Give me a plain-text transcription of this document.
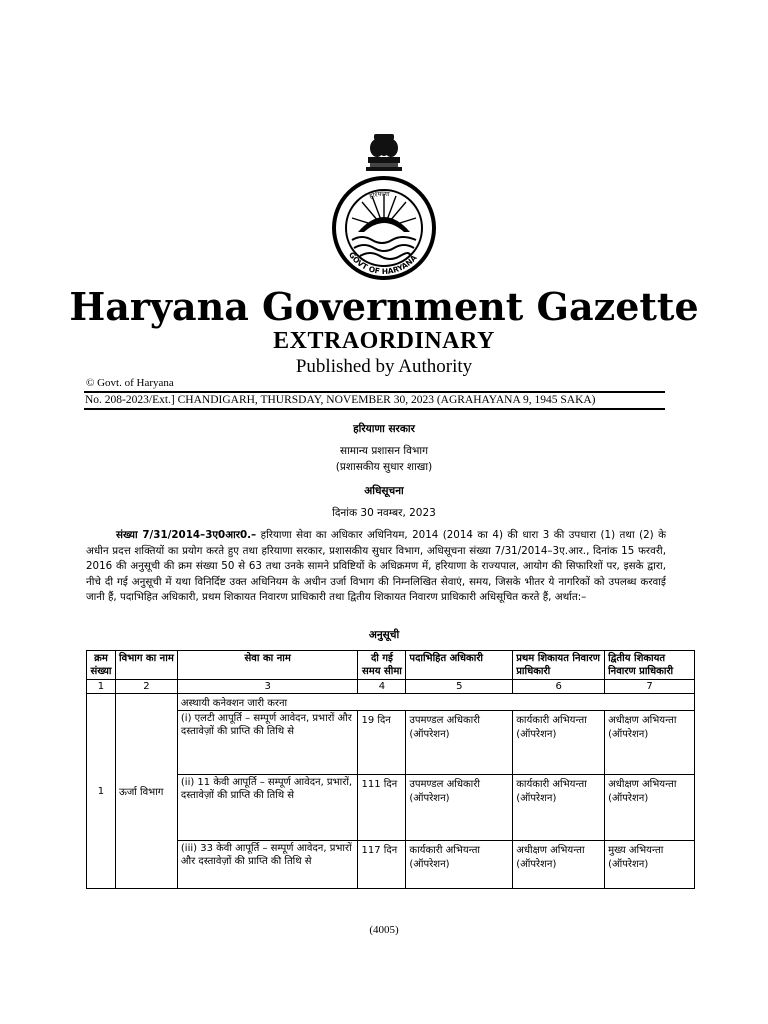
GOVT OF HARYANA
हरियाणा
Haryana Government Gazette
EXTRAORDINARY
Published by Authority
© Govt. of Haryana
No. 208-2023/Ext.] CHANDIGARH, THURSDAY, NOVEMBER 30, 2023 (AGRAHAYANA 9, 1945 SAKA)
हरियाणा सरकार
सामान्य प्रशासन विभाग
(प्रशासकीय सुधार शाखा)
अधिसूचना
दिनांक 30 नवम्बर, 2023
संख्या 7/31/2014–3ए0आर0.– हरियाणा सेवा का अधिकार अधिनियम, 2014 (2014 का 4) की धारा 3 की उपधारा (1) तथा (2) के अधीन प्रदत्त शक्तियों का प्रयोग करते हुए तथा हरियाणा सरकार, प्रशासकीय सुधार विभाग, अधिसूचना संख्या 7/31/2014–3ए.आर., दिनांक 15 फरवरी, 2016 की अनुसूची की क्रम संख्या 50 से 63 तथा उनके सामने प्रविष्टियों के अधिक्रमण में, हरियाणा के राज्यपाल, आयोग की सिफारिशों पर, इसके द्वारा, नीचे दी गई अनुसूची में यथा विनिर्दिष्ट उक्त अधिनियम के अधीन उर्जा विभाग की निम्नलिखित सेवाएं, समय, जिसके भीतर ये नागरिकों को उपलब्ध करवाई जानी हैं, पदाभिहित अधिकारी, प्रथम शिकायत निवारण प्राधिकारी तथा द्वितीय शिकायत निवारण प्राधिकारी अधिसूचित करते हैं, अर्थात:–
अनुसूची
क्रम संख्या	विभाग का नाम	सेवा का नाम	दी गई समय सीमा	पदाभिहित अधिकारी	प्रथम शिकायत निवारण प्राधिकारी	द्वितीय शिकायत निवारण प्राधिकारी
1	2	3	4	5	6	7
1	ऊर्जा विभाग	अस्थायी कनेक्शन जारी करना				
		(i) एलटी आपूर्ति – सम्पूर्ण आवेदन, प्रभारों और दस्तावेज़ों की प्राप्ति की तिथि से	19 दिन	उपमण्डल अधिकारी (ऑपरेशन)	कार्यकारी अभियन्ता (ऑपरेशन)	अधीक्षण अभियन्ता (ऑपरेशन)
		(ii) 11 केवी आपूर्ति – सम्पूर्ण आवेदन, प्रभारों, दस्तावेज़ों की प्राप्ति की तिथि से	111 दिन	उपमण्डल अधिकारी (ऑपरेशन)	कार्यकारी अभियन्ता (ऑपरेशन)	अधीक्षण अभियन्ता (ऑपरेशन)
		(iii) 33 केवी आपूर्ति – सम्पूर्ण आवेदन, प्रभारों और दस्तावेज़ों की प्राप्ति की तिथि से	117 दिन	कार्यकारी अभियन्ता (ऑपरेशन)	अधीक्षण अभियन्ता (ऑपरेशन)	मुख्य अभियन्ता (ऑपरेशन)
(4005)
